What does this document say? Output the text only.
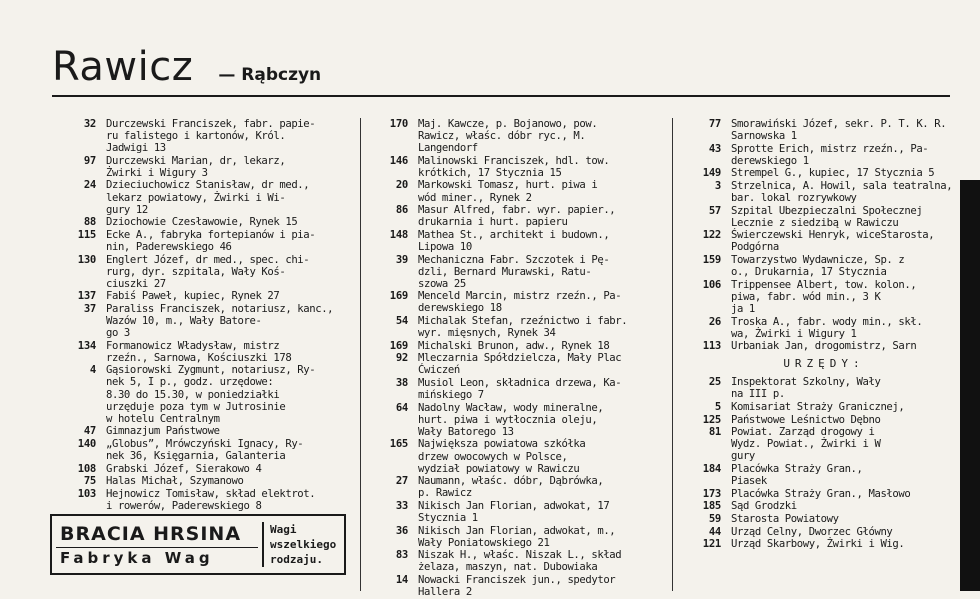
Rawicz — Rąbczyn
32 Durczewski Franciszek, fabr. papie-
ru falistego i kartonów, Król.
Jadwigi 13
97 Durczewski Marian, dr, lekarz,
Żwirki i Wigury 3
24 Dzieciuchowicz Stanisław, dr med.,
lekarz powiatowy, Żwirki i Wi-
gury 12
88 Dziochowie Czesławowie, Rynek 15
115 Ecke A., fabryka fortepianów i pia-
nin, Paderewskiego 46
130 Englert Józef, dr med., spec. chi-
rurg, dyr. szpitala, Wały Koś-
ciuszki 27
137 Fabiś Paweł, kupiec, Rynek 27
37 Paraliss Franciszek, notariusz, kanc.,
Wazów 10, m., Wały Batore-
go 3
134 Formanowicz Władysław, mistrz
rzeźn., Sarnowa, Kościuszki 178
4 Gąsiorowski Zygmunt, notariusz, Ry-
nek 5, I p., godz. urzędowe:
8.30 do 15.30, w poniedziałki
urzęduje poza tym w Jutrosinie
w hotelu Centralnym
47 Gimnazjum Państwowe
140 „Globus”, Mrówczyński Ignacy, Ry-
nek 36, Księgarnia, Galanteria
108 Grabski Józef, Sierakowo 4
75 Halas Michał, Szymanowo
103 Hejnowicz Tomisław, skład elektrot.
i rowerów, Paderewskiego 8
170 Maj. Kawcze, p. Bojanowo, pow.
Rawicz, właśc. dóbr ryc., M.
Langendorf
146 Malinowski Franciszek, hdl. tow.
krótkich, 17 Stycznia 15
20 Markowski Tomasz, hurt. piwa i
wód miner., Rynek 2
86 Masur Alfred, fabr. wyr. papier.,
drukarnia i hurt. papieru
148 Mathea St., architekt i budown.,
Lipowa 10
39 Mechaniczna Fabr. Szczotek i Pę-
dzli, Bernard Murawski, Ratu-
szowa 25
169 Menceld Marcin, mistrz rzeźn., Pa-
derewskiego 18
54 Michalak Stefan, rzeźnictwo i fabr.
wyr. mięsnych, Rynek 34
169 Michalski Brunon, adw., Rynek 18
92 Mleczarnia Spółdzielcza, Mały Plac
Ćwiczeń
38 Musiol Leon, składnica drzewa, Ka-
mińskiego 7
64 Nadolny Wacław, wody mineralne,
hurt. piwa i wytłocznia oleju,
Wały Batorego 13
165 Największa powiatowa szkółka
drzew owocowych w Polsce,
wydział powiatowy w Rawiczu
27 Naumann, właśc. dóbr, Dąbrówka,
p. Rawicz
33 Nikisch Jan Florian, adwokat, 17
Stycznia 1
36 Nikisch Jan Florian, adwokat, m.,
Wały Poniatowskiego 21
83 Niszak H., właśc. Niszak L., skład
żelaza, maszyn, nat. Dubowiaka
14 Nowacki Franciszek jun., spedytor
Hallera 2
77 Smorawiński Józef, sekr. P. T. K. R.
Sarnowska 1
43 Sprotte Erich, mistrz rzeźn., Pa-
derewskiego 1
149 Strempel G., kupiec, 17 Stycznia 5
3 Strzelnica, A. Howil, sala teatralna,
bar. lokal rozrywkowy
57 Szpital Ubezpieczalni Społecznej
Lecznie z siedzibą w Rawiczu
122 Świerczewski Henryk, wiceStarosta,
Podgórna
159 Towarzystwo Wydawnicze, Sp. z
o., Drukarnia, 17 Stycznia
106 Trippensee Albert, tow. kolon.,
piwa, fabr. wód min., 3 K
ja 1
26 Troska A., fabr. wody min., skł.
wa, Żwirki i Wigury 1
113 Urbaniak Jan, drogomistrz, Sarn
URZĘDY:
25 Inspektorat Szkolny, Wały
na III p.
5 Komisariat Straży Granicznej,
125 Państwowe Leśnictwo Dębno
81 Powiat. Zarząd drogowy i
Wydz. Powiat., Żwirki i W
gury
184 Placówka Straży Gran.,
Piasek
173 Placówka Straży Gran., Masłowo
185 Sąd Grodzki
59 Starosta Powiatowy
44 Urząd Celny, Dworzec Główny
121 Urząd Skarbowy, Żwirki i Wig.
BRACIA HRSINA
Fabryka Wag
Wagi
wszelkiego
rodzaju.
